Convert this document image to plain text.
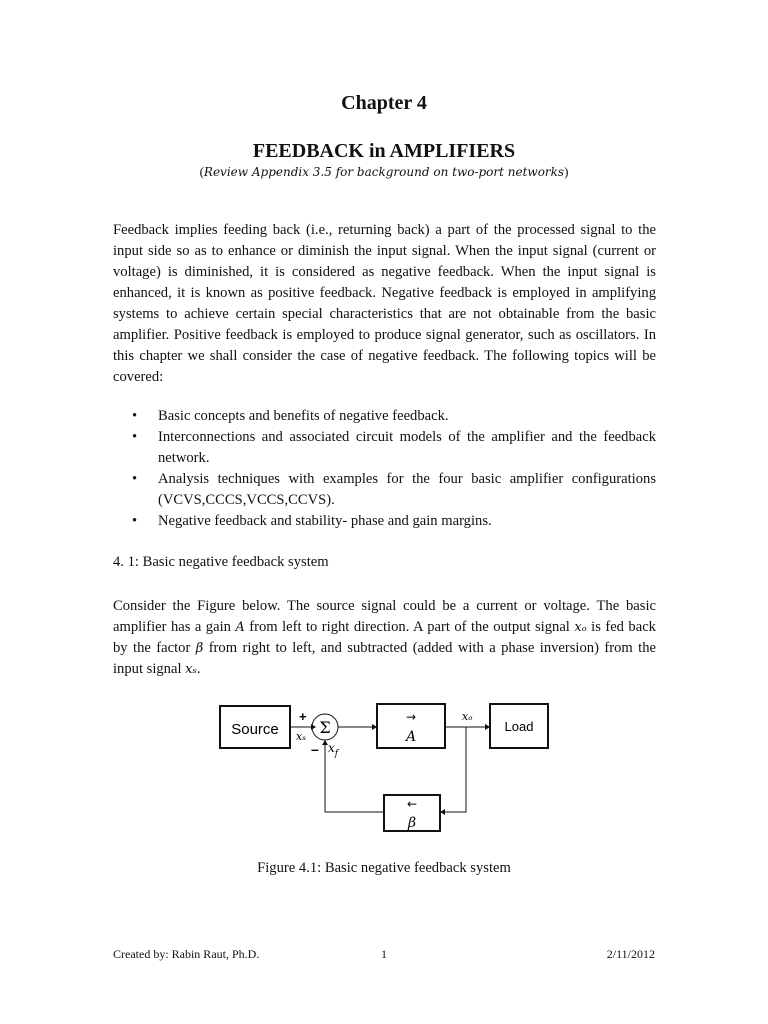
Chapter 4
FEEDBACK in AMPLIFIERS
(Review Appendix 3.5 for background on two-port networks)
Feedback implies feeding back (i.e., returning back) a part of the processed signal to the input side so as to enhance or diminish the input signal. When the input signal (current or voltage) is diminished, it is considered as negative feedback. When the input signal is enhanced, it is known as positive feedback. Negative feedback is employed in amplifying systems to achieve certain special characteristics that are not obtainable from the basic amplifier. Positive feedback is employed to produce signal generator, such as oscillators. In this chapter we shall consider the case of negative feedback. The following topics will be covered:
• Basic concepts and benefits of negative feedback.
• Interconnections and associated circuit models of the amplifier and the feedback network.
• Analysis techniques with examples for the four basic amplifier configurations (VCVS,CCCS,VCCS,CCVS).
• Negative feedback and stability- phase and gain margins.
4. 1: Basic negative feedback system
Consider the Figure below. The source signal could be a current or voltage. The basic amplifier has a gain A from left to right direction. A part of the output signal xₒ is fed back by the factor β from right to left, and subtracted (added with a phase inversion) from the input signal xₛ.
Source	Σ
+
xₛ
– $x_f$
→
A
xₒ
Load
←
β
Figure 4.1: Basic negative feedback system
Created by: Rabin Raut, Ph.D.	1	2/11/2012
